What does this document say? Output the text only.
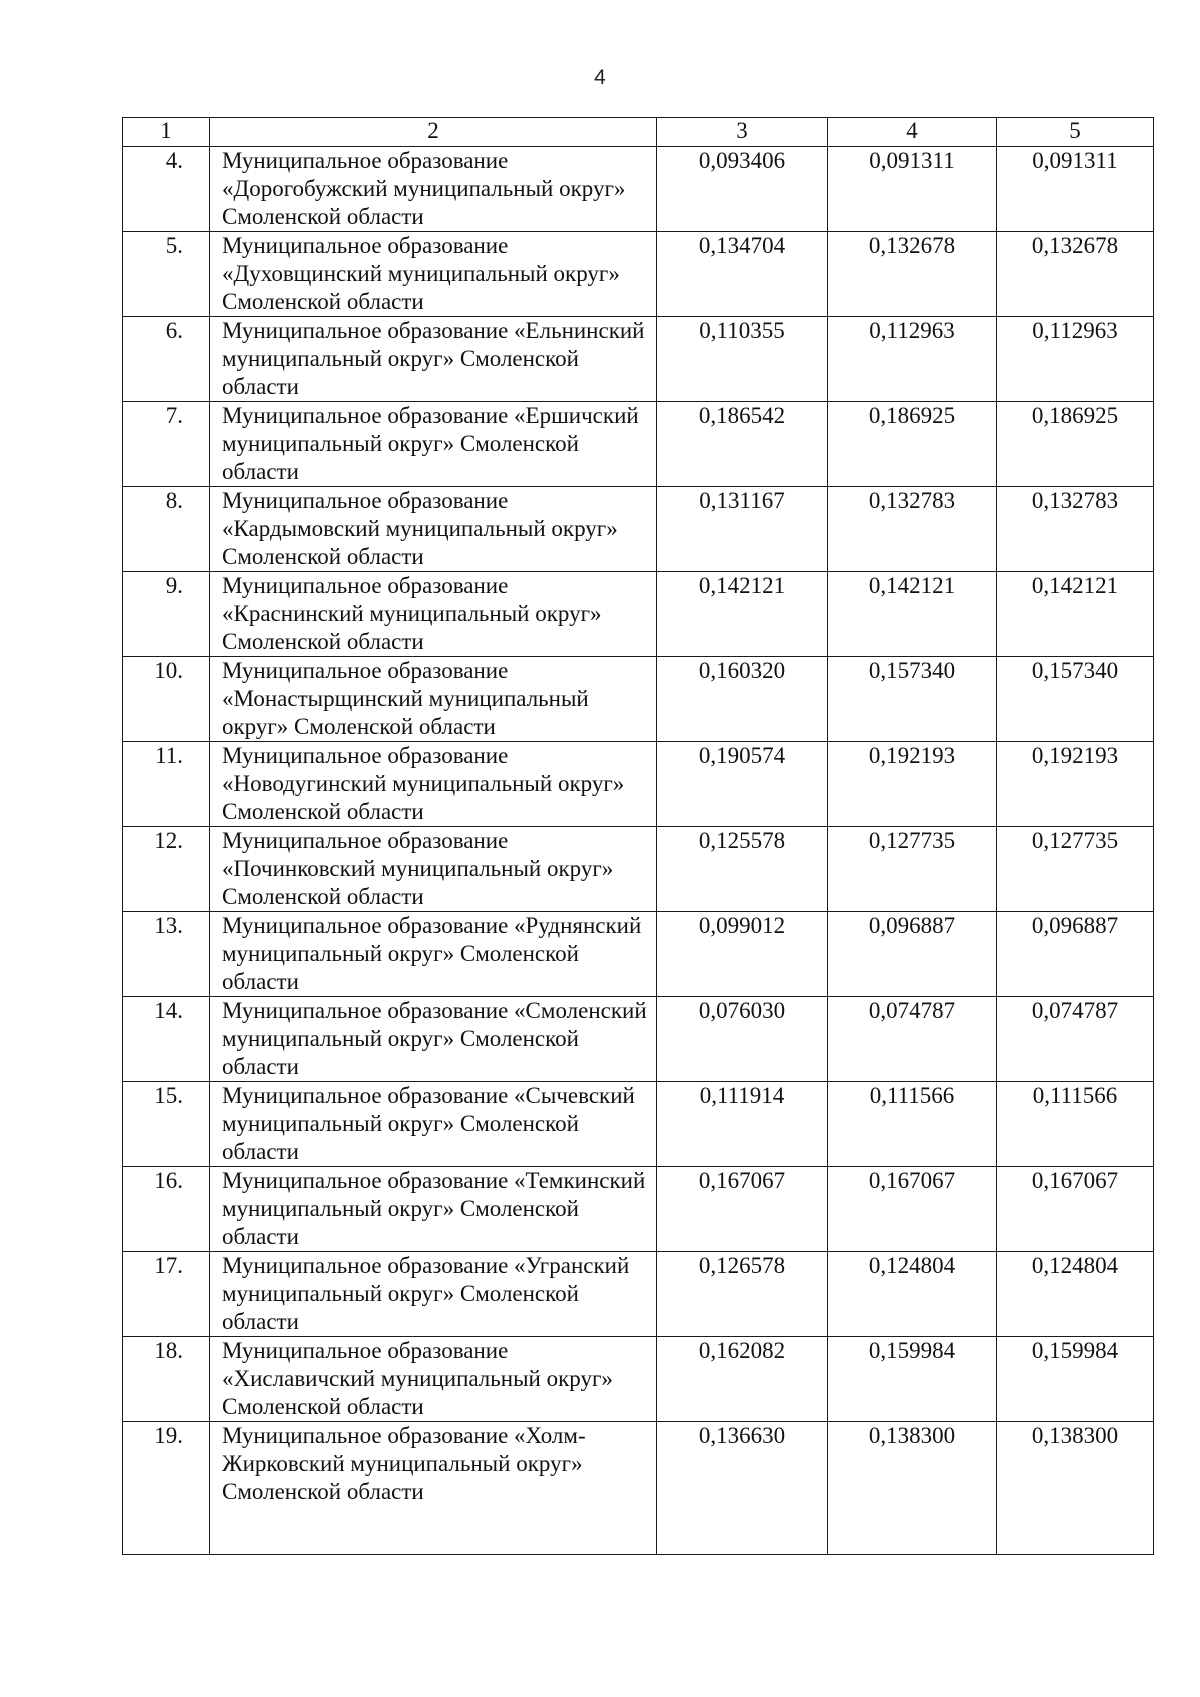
4
1	2	3	4	5
4.	Муниципальное образование «Дорогобужский муниципальный округ» Смоленской области	0,093406	0,091311	0,091311
5.	Муниципальное образование «Духовщинский муниципальный округ» Смоленской области	0,134704	0,132678	0,132678
6.	Муниципальное образование «Ельнинский муниципальный округ» Смоленской области	0,110355	0,112963	0,112963
7.	Муниципальное образование «Ершичский муниципальный округ» Смоленской области	0,186542	0,186925	0,186925
8.	Муниципальное образование «Кардымовский муниципальный округ» Смоленской области	0,131167	0,132783	0,132783
9.	Муниципальное образование «Краснинский муниципальный округ» Смоленской области	0,142121	0,142121	0,142121
10.	Муниципальное образование «Монастырщинский муниципальный округ» Смоленской области	0,160320	0,157340	0,157340
11.	Муниципальное образование «Новодугинский муниципальный округ» Смоленской области	0,190574	0,192193	0,192193
12.	Муниципальное образование «Починковский муниципальный округ» Смоленской области	0,125578	0,127735	0,127735
13.	Муниципальное образование «Руднянский муниципальный округ» Смоленской области	0,099012	0,096887	0,096887
14.	Муниципальное образование «Смоленский муниципальный округ» Смоленской области	0,076030	0,074787	0,074787
15.	Муниципальное образование «Сычевский муниципальный округ» Смоленской области	0,111914	0,111566	0,111566
16.	Муниципальное образование «Темкинский муниципальный округ» Смоленской области	0,167067	0,167067	0,167067
17.	Муниципальное образование «Угранский муниципальный округ» Смоленской области	0,126578	0,124804	0,124804
18.	Муниципальное образование «Хиславичский муниципальный округ» Смоленской области	0,162082	0,159984	0,159984
19.	Муниципальное образование «Холм-Жирковский муниципальный округ» Смоленской области	0,136630	0,138300	0,138300
